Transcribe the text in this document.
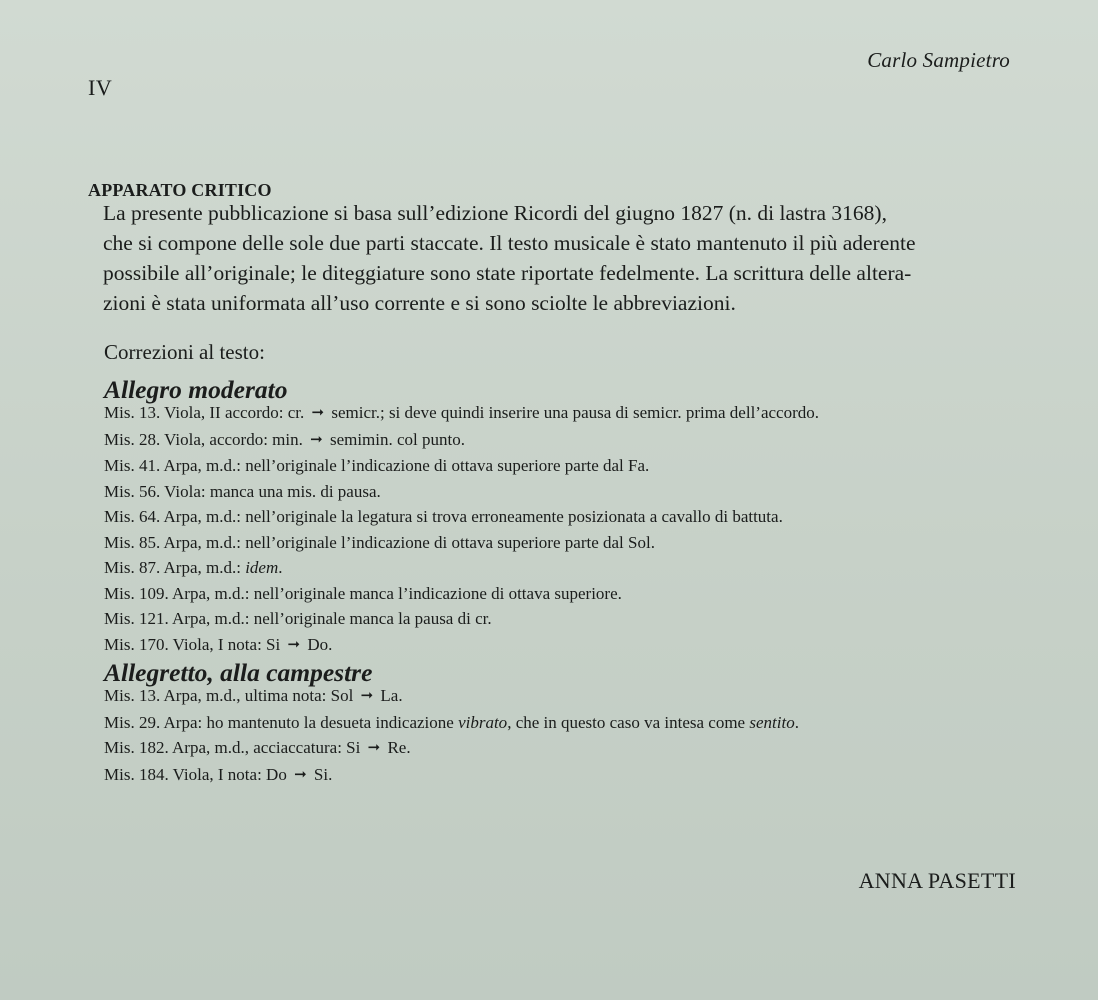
Carlo Sampietro
IV
APPARATO CRITICO

La presente pubblicazione si basa sull’edizione Ricordi del giugno 1827 (n. di lastra 3168),
che si compone delle sole due parti staccate. Il testo musicale è stato mantenuto il più aderente
possibile all’originale; le diteggiature sono state riportate fedelmente. La scrittura delle altera-
zioni è stata uniformata all’uso corrente e si sono sciolte le abbreviazioni.

Correzioni al testo:
Allegro moderato

Mis. 13. Viola, II accordo: cr. ➞ semicr.; si deve quindi inserire una pausa di semicr. prima dell’accordo.

Mis. 28. Viola, accordo: min. ➞ semimin. col punto.

Mis. 41. Arpa, m.d.: nell’originale l’indicazione di ottava superiore parte dal Fa.

Mis. 56. Viola: manca una mis. di pausa.

Mis. 64. Arpa, m.d.: nell’originale la legatura si trova erroneamente posizionata a cavallo di battuta.

Mis. 85. Arpa, m.d.: nell’originale l’indicazione di ottava superiore parte dal Sol.

Mis. 87. Arpa, m.d.: idem.

Mis. 109. Arpa, m.d.: nell’originale manca l’indicazione di ottava superiore.

Mis. 121. Arpa, m.d.: nell’originale manca la pausa di cr.

Mis. 170. Viola, I nota: Si ➞ Do.

Allegretto, alla campestre

Mis. 13. Arpa, m.d., ultima nota: Sol ➞ La.

Mis. 29. Arpa: ho mantenuto la desueta indicazione vibrato, che in questo caso va intesa come sentito.

Mis. 182. Arpa, m.d., acciaccatura: Si ➞ Re.

Mis. 184. Viola, I nota: Do ➞ Si.

ANNA PASETTI
